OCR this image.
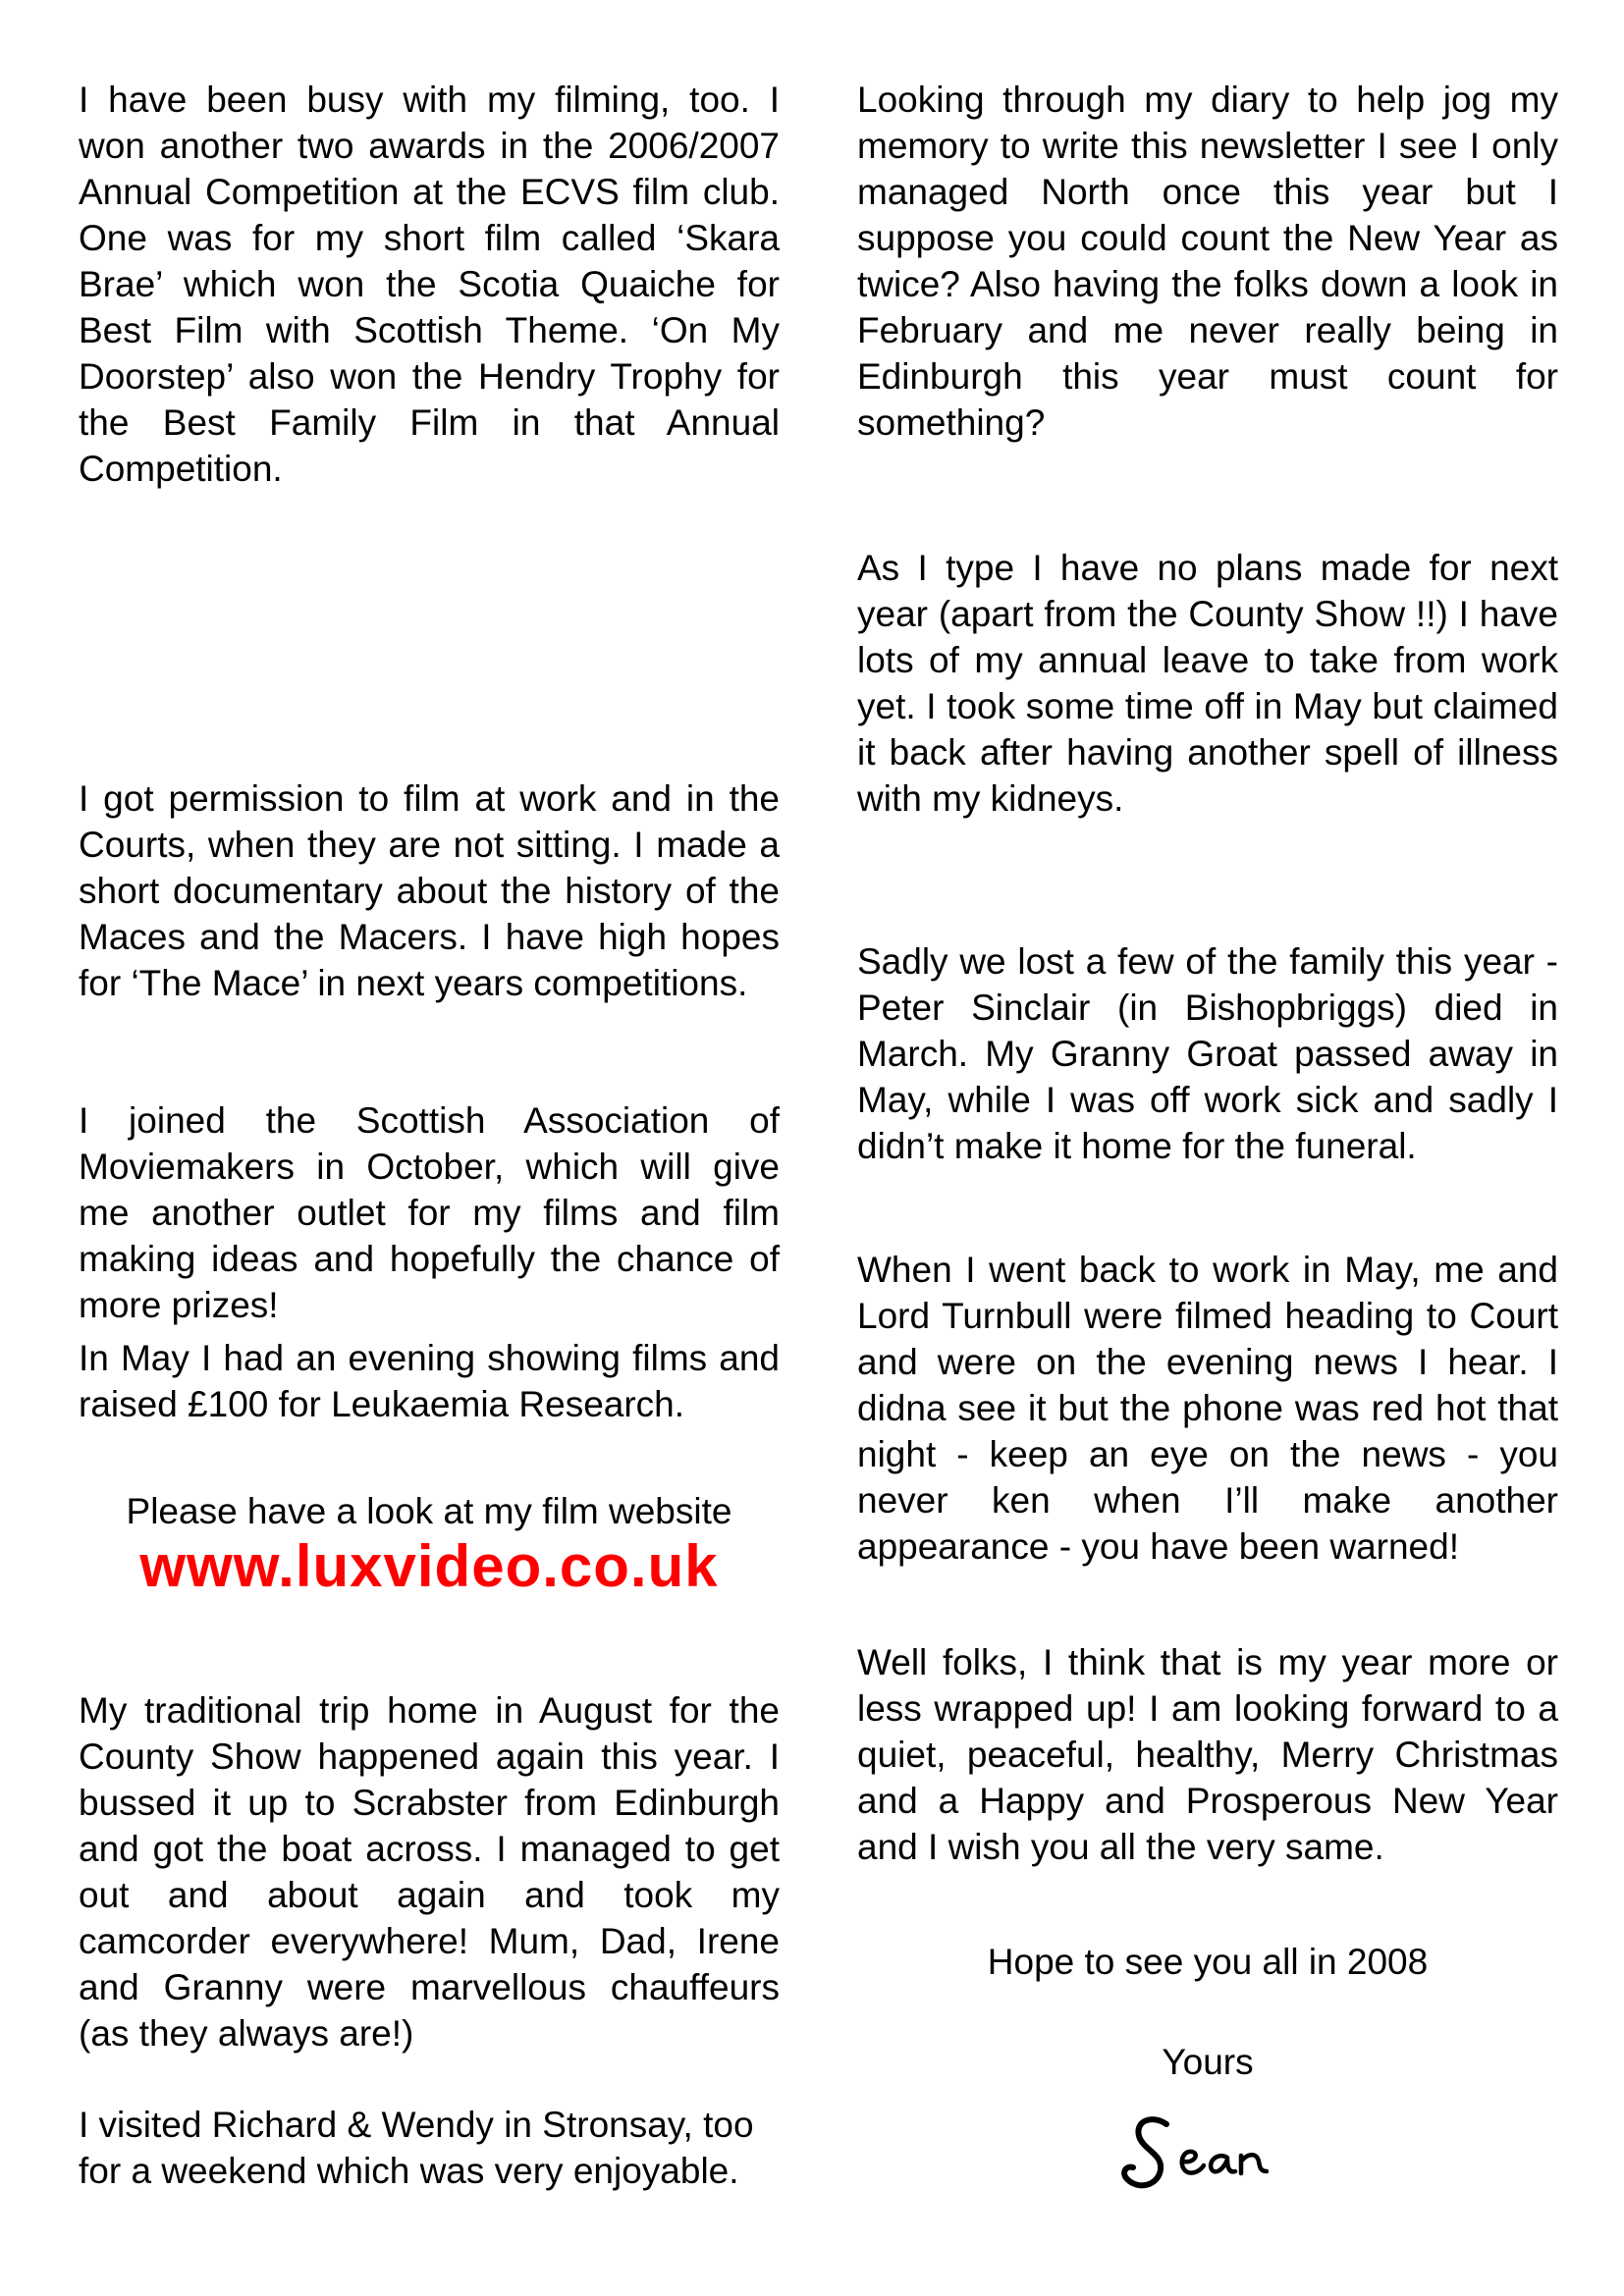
I have been busy with my filming, too. I won another two awards in the 2006/2007 Annual Competition at the ECVS film club. One was for my short film called ‘Skara Brae’ which won the Scotia Quaiche for Best Film with Scottish Theme. ‘On My Doorstep’ also won the Hendry Trophy for the Best Family Film in that Annual Competition.

I got permission to film at work and in the Courts, when they are not sitting. I made a short documentary about the history of the Maces and the Macers. I have high hopes for ‘The Mace’ in next years competitions.

I joined the Scottish Association of Moviemakers in October, which will give me another outlet for my films and film making ideas and hopefully the chance of more prizes!

In May I had an evening showing films and raised £100 for Leukaemia Research.

Please have a look at my film website
www.luxvideo.co.uk

My traditional trip home in August for the County Show happened again this year. I bussed it up to Scrabster from Edinburgh and got the boat across. I managed to get out and about again and took my camcorder everywhere! Mum, Dad, Irene and Granny were marvellous chauffeurs (as they always are!)

I visited Richard & Wendy in Stronsay, too for a weekend which was very enjoyable.

Looking through my diary to help jog my memory to write this newsletter I see I only managed North once this year but I suppose you could count the New Year as twice? Also having the folks down a look in February and me never really being in Edinburgh this year must count for something?

As I type I have no plans made for next year (apart from the County Show !!) I have lots of my annual leave to take from work yet. I took some time off in May but claimed it back after having another spell of illness with my kidneys.

Sadly we lost a few of the family this year - Peter Sinclair (in Bishopbriggs) died in March. My Granny Groat passed away in May, while I was off work sick and sadly I didn’t make it home for the funeral.

When I went back to work in May, me and Lord Turnbull were filmed heading to Court and were on the evening news I hear. I didna see it but the phone was red hot that night - keep an eye on the news - you never ken when I’ll make another appearance - you have been warned!

Well folks, I think that is my year more or less wrapped up! I am looking forward to a quiet, peaceful, healthy, Merry Christmas and a Happy and Prosperous New Year and I wish you all the very same.

Hope to see you all in 2008
Yours
